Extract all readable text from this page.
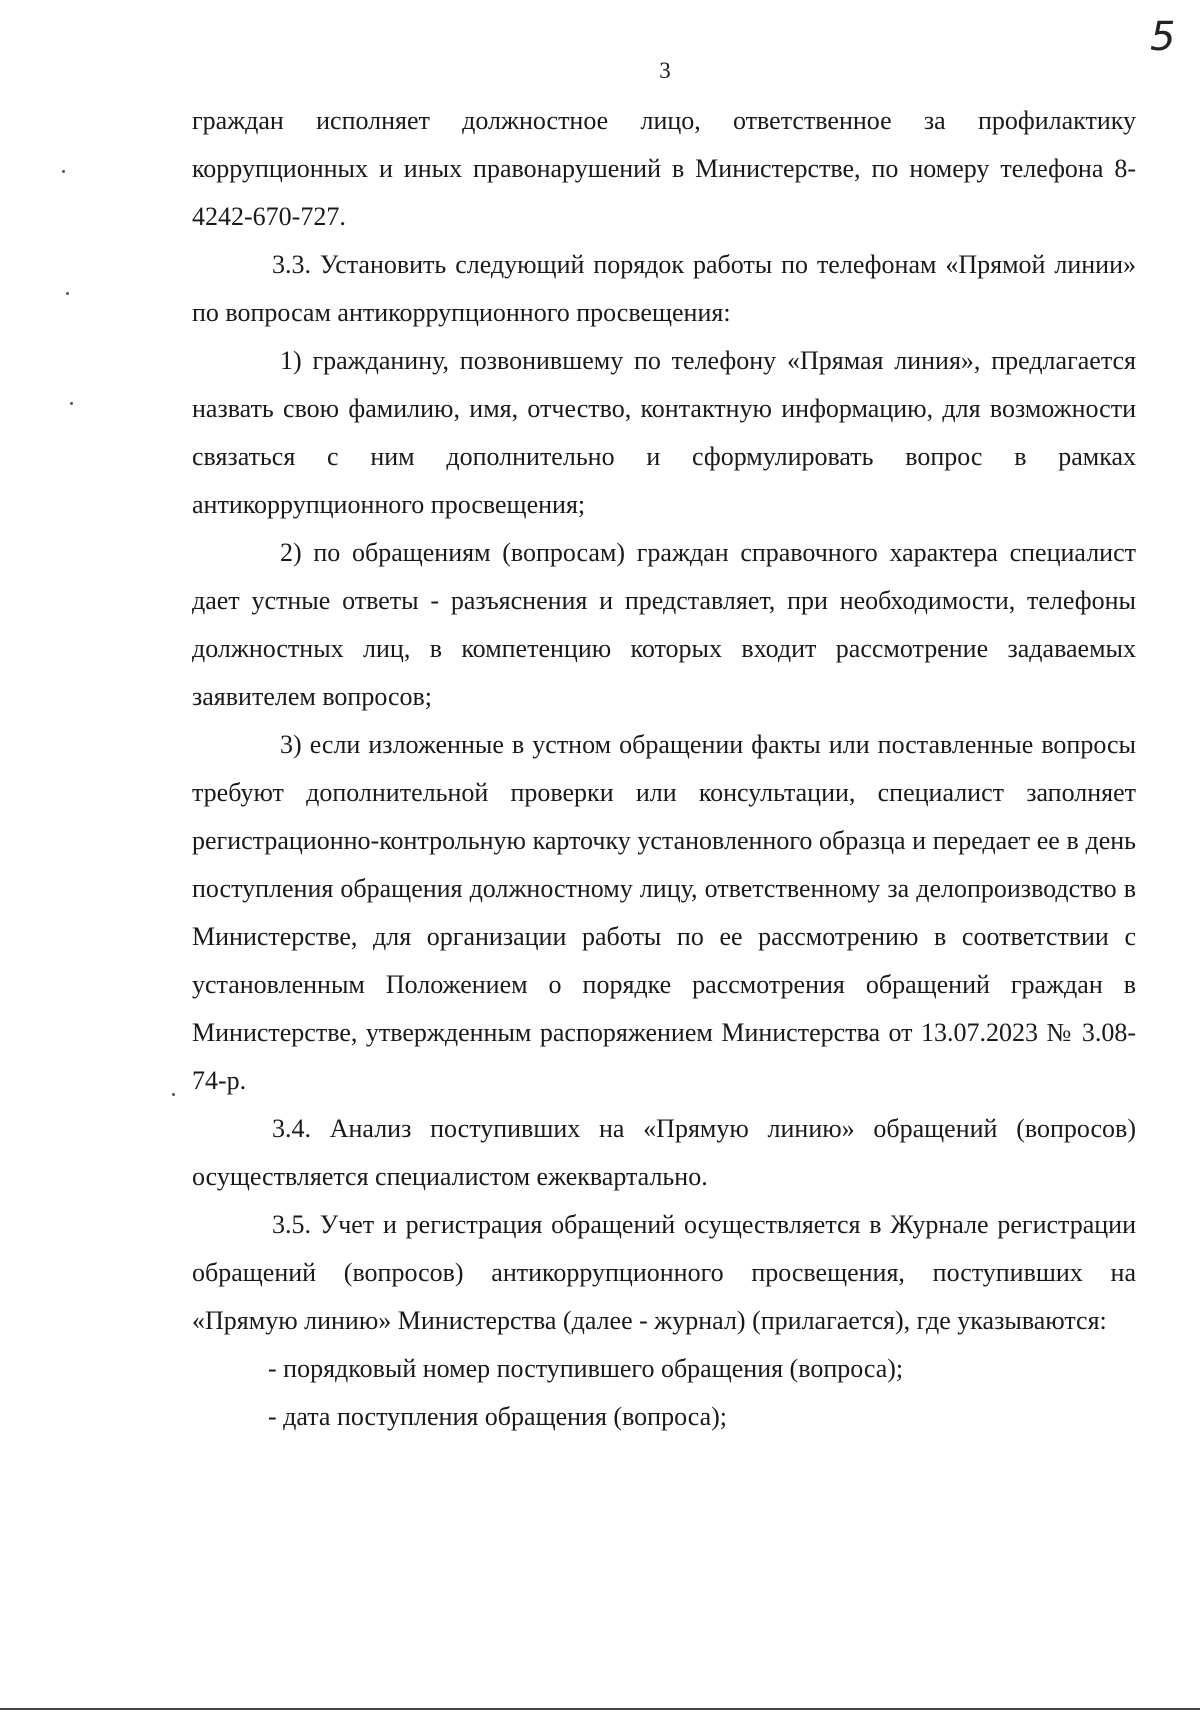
3
5

граждан исполняет должностное лицо, ответственное за профилактику коррупционных и иных правонарушений в Министерстве, по номеру телефона 8-4242-670-727.

3.3. Установить следующий порядок работы по телефонам «Прямой линии» по вопросам антикоррупционного просвещения:

1) гражданину, позвонившему по телефону «Прямая линия», предлагается назвать свою фамилию, имя, отчество, контактную информацию, для возможности связаться с ним дополнительно и сформулировать вопрос в рамках антикоррупционного просвещения;

2) по обращениям (вопросам) граждан справочного характера специалист дает устные ответы - разъяснения и представляет, при необходимости, телефоны должностных лиц, в компетенцию которых входит рассмотрение задаваемых заявителем вопросов;

3) если изложенные в устном обращении факты или поставленные вопросы требуют дополнительной проверки или консультации, специалист заполняет регистрационно-контрольную карточку установленного образца и передает ее в день поступления обращения должностному лицу, ответственному за делопроизводство в Министерстве, для организации работы по ее рассмотрению в соответствии с установленным Положением о порядке рассмотрения обращений граждан в Министерстве, утвержденным распоряжением Министерства от 13.07.2023 № 3.08-74-р.

3.4. Анализ поступивших на «Прямую линию» обращений (вопросов) осуществляется специалистом ежеквартально.

3.5. Учет и регистрация обращений осуществляется в Журнале регистрации обращений (вопросов) антикоррупционного просвещения, поступивших на «Прямую линию» Министерства (далее - журнал) (прилагается), где указываются:

- порядковый номер поступившего обращения (вопроса);

- дата поступления обращения (вопроса);
